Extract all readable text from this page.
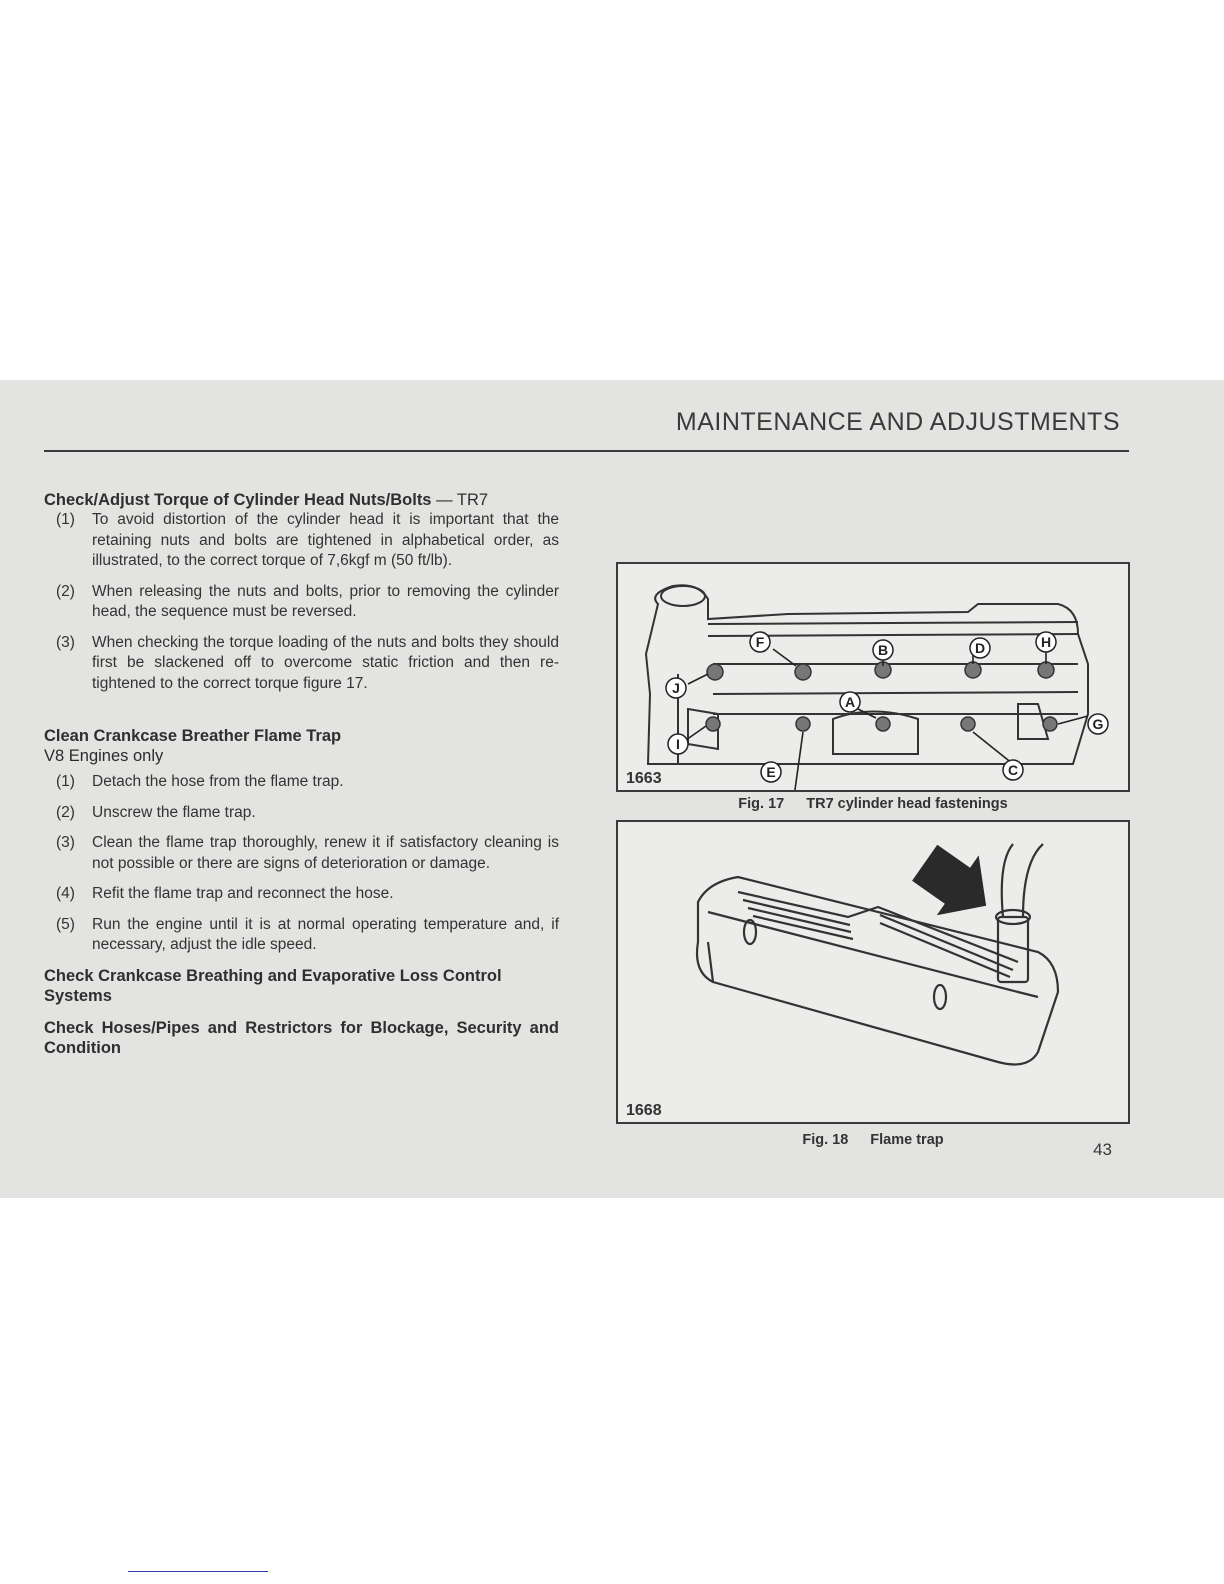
MAINTENANCE AND ADJUSTMENTS

Check/Adjust Torque of Cylinder Head Nuts/Bolts — TR7

(1)	To avoid distortion of the cylinder head it is important that the retaining nuts and bolts are tightened in alphabetical order, as illustrated, to the correct torque of 7,6kgf m (50 ft/lb).
(2)	When releasing the nuts and bolts, prior to removing the cylinder head, the sequence must be reversed.
(3)	When checking the torque loading of the nuts and bolts they should first be slackened off to overcome static friction and then re-tightened to the correct torque figure 17.

Clean Crankcase Breather Flame Trap

V8 Engines only

(1)	Detach the hose from the flame trap.
(2)	Unscrew the flame trap.
(3)	Clean the flame trap thoroughly, renew it if satisfactory cleaning is not possible or there are signs of deterioration or damage.
(4)	Refit the flame trap and reconnect the hose.
(5)	Run the engine until it is at normal operating temperature and, if necessary, adjust the idle speed.

Check Crankcase Breathing and Evaporative Loss Control Systems

Check Hoses/Pipes and Restrictors for Blockage, Security and Condition

A
B
C
D
E
F
G
H
I
J
1663
Fig. 17 TR7 cylinder head fastenings
1668
Fig. 18 Flame trap	43
